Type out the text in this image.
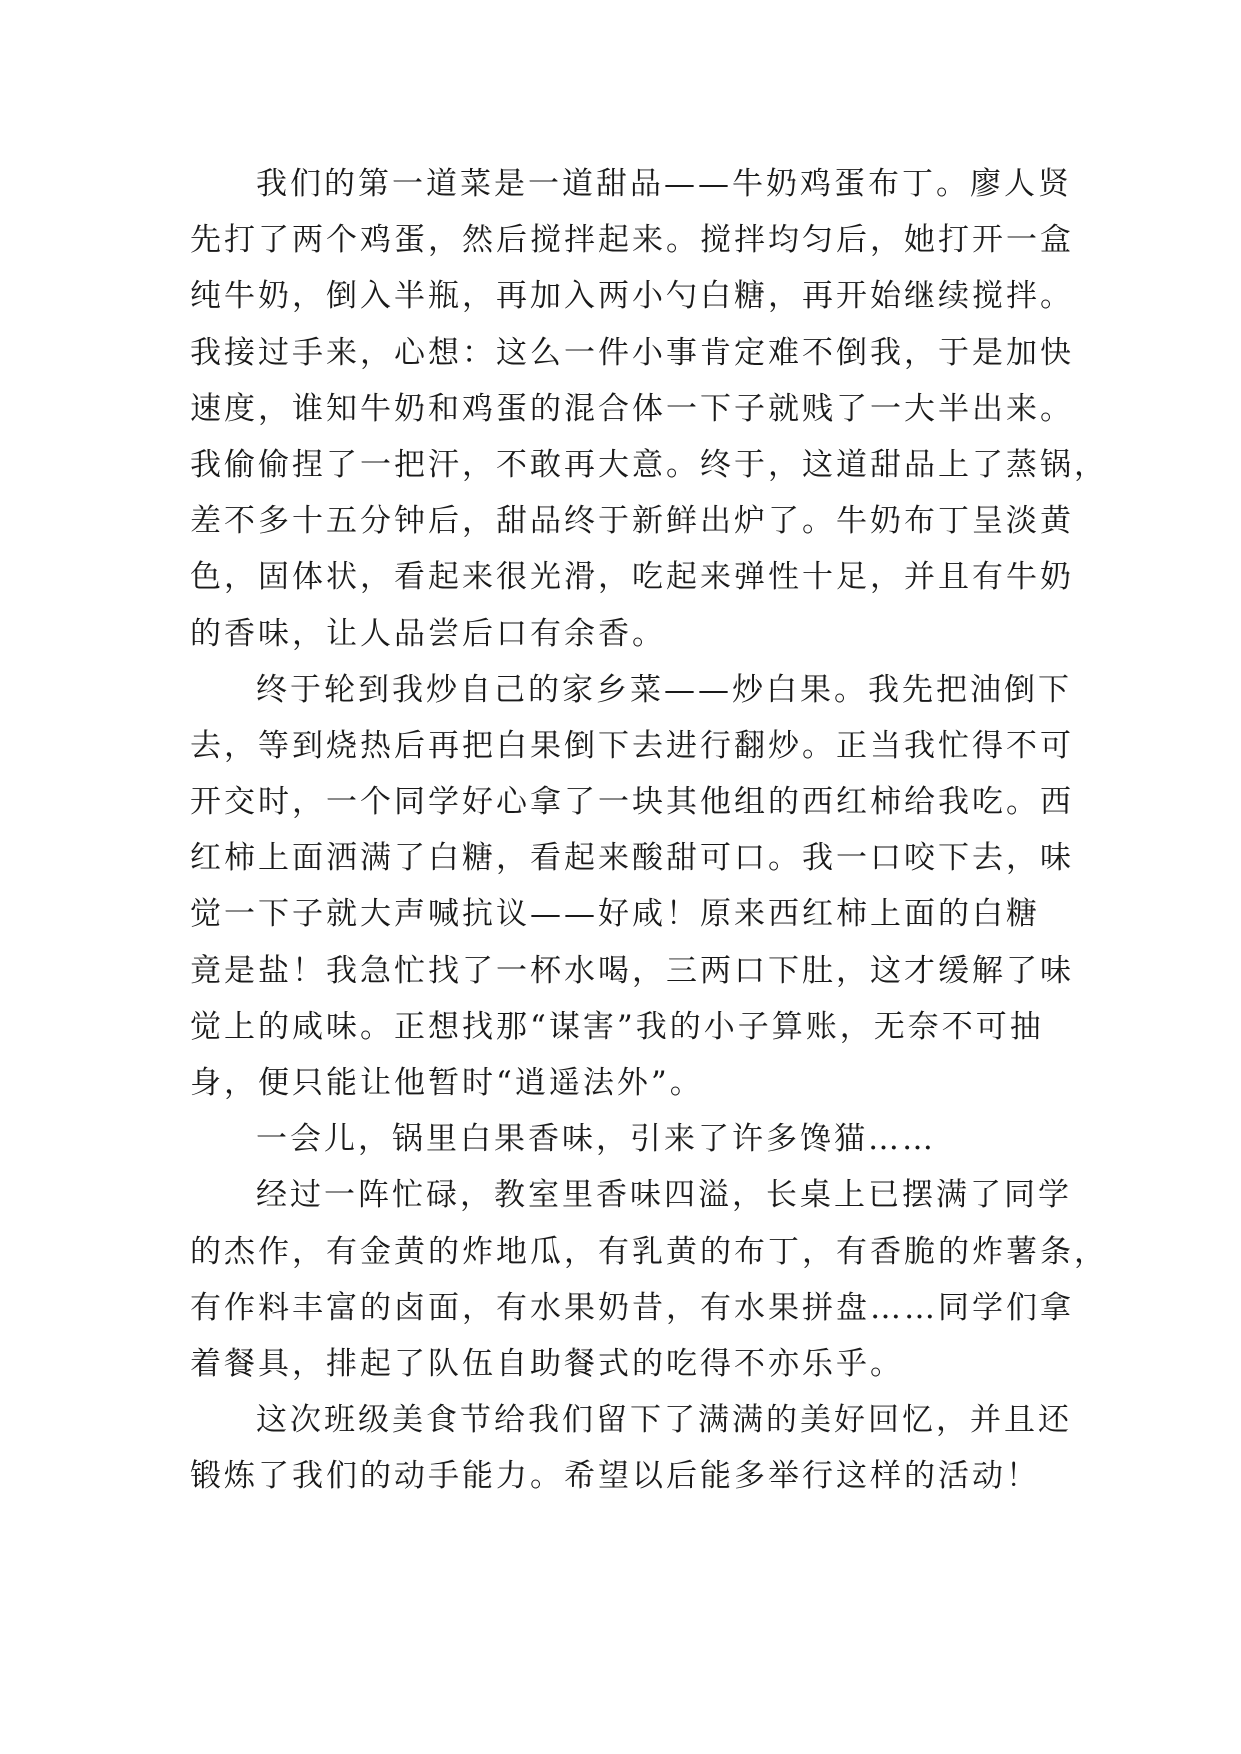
我们的第一道菜是一道甜品——牛奶鸡蛋布丁。廖人贤
先打了两个鸡蛋，然后搅拌起来。搅拌均匀后，她打开一盒
纯牛奶，倒入半瓶，再加入两小勺白糖，再开始继续搅拌。
我接过手来，心想：这么一件小事肯定难不倒我，于是加快
速度，谁知牛奶和鸡蛋的混合体一下子就贱了一大半出来。
我偷偷捏了一把汗，不敢再大意。终于，这道甜品上了蒸锅，
差不多十五分钟后，甜品终于新鲜出炉了。牛奶布丁呈淡黄
色，固体状，看起来很光滑，吃起来弹性十足，并且有牛奶
的香味，让人品尝后口有余香。
终于轮到我炒自己的家乡菜——炒白果。我先把油倒下
去，等到烧热后再把白果倒下去进行翻炒。正当我忙得不可
开交时，一个同学好心拿了一块其他组的西红柿给我吃。西
红柿上面洒满了白糖，看起来酸甜可口。我一口咬下去，味
觉一下子就大声喊抗议——好咸！原来西红柿上面的白糖
竟是盐！我急忙找了一杯水喝，三两口下肚，这才缓解了味
觉上的咸味。正想找那“谋害”我的小子算账，无奈不可抽
身，便只能让他暂时“逍遥法外”。
一会儿，锅里白果香味，引来了许多馋猫……
经过一阵忙碌，教室里香味四溢，长桌上已摆满了同学
的杰作，有金黄的炸地瓜，有乳黄的布丁，有香脆的炸薯条，
有作料丰富的卤面，有水果奶昔，有水果拼盘……同学们拿
着餐具，排起了队伍自助餐式的吃得不亦乐乎。
这次班级美食节给我们留下了满满的美好回忆，并且还
锻炼了我们的动手能力。希望以后能多举行这样的活动！
